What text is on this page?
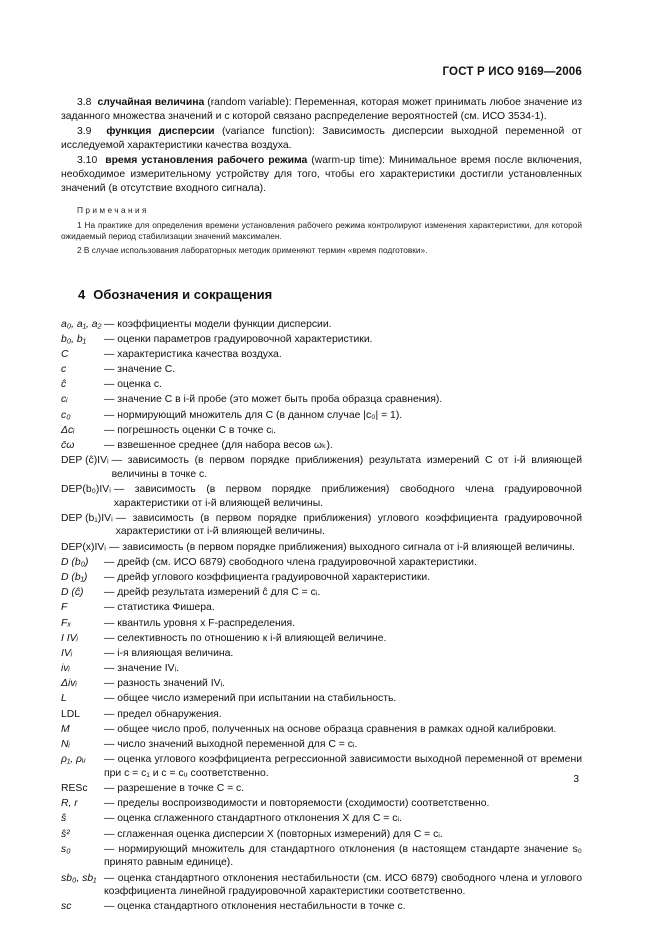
ГОСТ Р ИСО 9169—2006

3.8 случайная величина (random variable): Переменная, которая может принимать любое значение из заданного множества значений и с которой связано распределение вероятностей (см. ИСО 3534-1).

3.9 функция дисперсии (variance function): Зависимость дисперсии выходной переменной от исследуемой характеристики качества воздуха.

3.10 время установления рабочего режима (warm-up time): Минимальное время после включения, необходимое измерительному устройству для того, чтобы его характеристики достигли установленных значений (в отсутствие входного сигнала).

Примечания

1 На практике для определения времени установления рабочего режима контролируют изменения характеристики, для которой ожидаемый период стабилизации значений максимален.

2 В случае использования лабораторных методик применяют термин «время подготовки».

4 Обозначения и сокращения
a₀, a₁, a₂ — коэффициенты модели функции дисперсии.
b₀, b₁	— оценки параметров градуировочной характеристики.
C	— характеристика качества воздуха.
c	— значение C.
ĉ	— оценка c.
cᵢ	— значение C в i-й пробе (это может быть проба образца сравнения).
c₀	— нормирующий множитель для C (в данном случае |c₀| = 1).
Δcᵢ	— погрешность оценки C в точке cᵢ.
c̄ω	— взвешенное среднее (для набора весов ωₖ).
DEP (ĉ)IVᵢ — зависимость (в первом порядке приближения) результата измерений C от i-й влияющей величины в точке c.
DEP(b₀)IVᵢ — зависимость (в первом порядке приближения) свободного члена градуировочной характеристики от i-й влияющей величины.
DEP (b₁)IVᵢ — зависимость (в первом порядке приближения) углового коэффициента градуировочной характеристики от i-й влияющей величины.
DEP(x)IVᵢ — зависимость (в первом порядке приближения) выходного сигнала от i-й влияющей величины.
D (b₀)	— дрейф (см. ИСО 6879) свободного члена градуировочной характеристики.
D (b₁)	— дрейф углового коэффициента градуировочной характеристики.
D (ĉ)	— дрейф результата измерений ĉ для C = cᵢ.
F	— статистика Фишера.
Fₓ	— квантиль уровня x F-распределения.
I IVᵢ	— селективность по отношению к i-й влияющей величине.
IVᵢ	— i-я влияющая величина.
ivᵢ	— значение IVᵢ.
Δivᵢ	— разность значений IVᵢ.
L	— общее число измерений при испытании на стабильность.
LDL	— предел обнаружения.
M	— общее число проб, полученных на основе образца сравнения в рамках одной калибровки.
Nᵢ	— число значений выходной переменной для C = cᵢ.
ρ₁, ρᵤ	— оценка углового коэффициента регрессионной зависимости выходной переменной от времени при c = c₁ и c = cᵤ соответственно.
RESc	— разрешение в точке C = c.
R, r	— пределы воспроизводимости и повторяемости (сходимости) соответственно.
ŝ	— оценка сглаженного стандартного отклонения X для C = cᵢ.
ŝ²	— сглаженная оценка дисперсии X (повторных измерений) для C = cᵢ.
s₀	— нормирующий множитель для стандартного отклонения (в настоящем стандарте значение s₀ принято равным единице).
sb₀, sb₁ — оценка стандартного отклонения нестабильности (см. ИСО 6879) свободного члена и углового коэффициента линейной градуировочной характеристики соответственно.
sc	— оценка стандартного отклонения нестабильности в точке c.
3
